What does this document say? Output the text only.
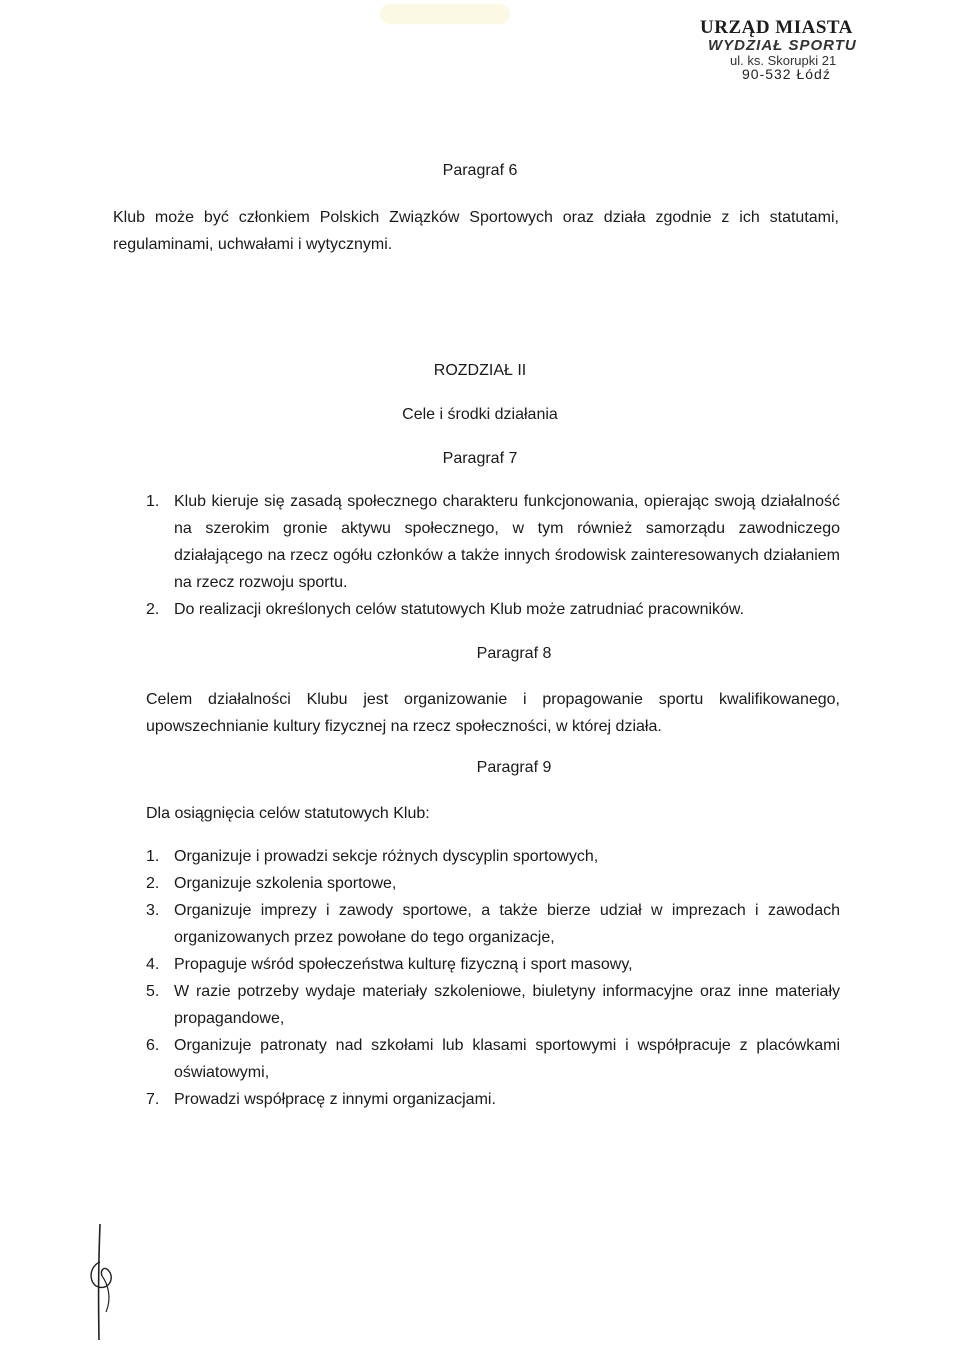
URZĄD MIASTA
WYDZIAŁ SPORTU
ul. ks. Skorupki 21
90-532 Łódź
Paragraf 6
Klub może być członkiem Polskich Związków Sportowych oraz działa zgodnie z ich statutami, regulaminami, uchwałami i wytycznymi.
ROZDZIAŁ II
Cele i środki działania
Paragraf 7
1. Klub kieruje się zasadą społecznego charakteru funkcjonowania, opierając swoją działalność na szerokim gronie aktywu społecznego, w tym również samorządu zawodniczego działającego na rzecz ogółu członków a także innych środowisk zainteresowanych działaniem na rzecz rozwoju sportu.
2. Do realizacji określonych celów statutowych Klub może zatrudniać pracowników.
Paragraf 8
Celem działalności Klubu jest organizowanie i propagowanie sportu kwalifikowanego, upowszechnianie kultury fizycznej na rzecz społeczności, w której działa.
Paragraf 9
Dla osiągnięcia celów statutowych Klub:
1. Organizuje i prowadzi sekcje różnych dyscyplin sportowych,
2. Organizuje szkolenia sportowe,
3. Organizuje imprezy i zawody sportowe, a także bierze udział w imprezach i zawodach organizowanych przez powołane do tego organizacje,
4. Propaguje wśród społeczeństwa kulturę fizyczną i sport masowy,
5. W razie potrzeby wydaje materiały szkoleniowe, biuletyny informacyjne oraz inne materiały propagandowe,
6. Organizuje patronaty nad szkołami lub klasami sportowymi i współpracuje z placówkami oświatowymi,
7. Prowadzi współpracę z innymi organizacjami.
